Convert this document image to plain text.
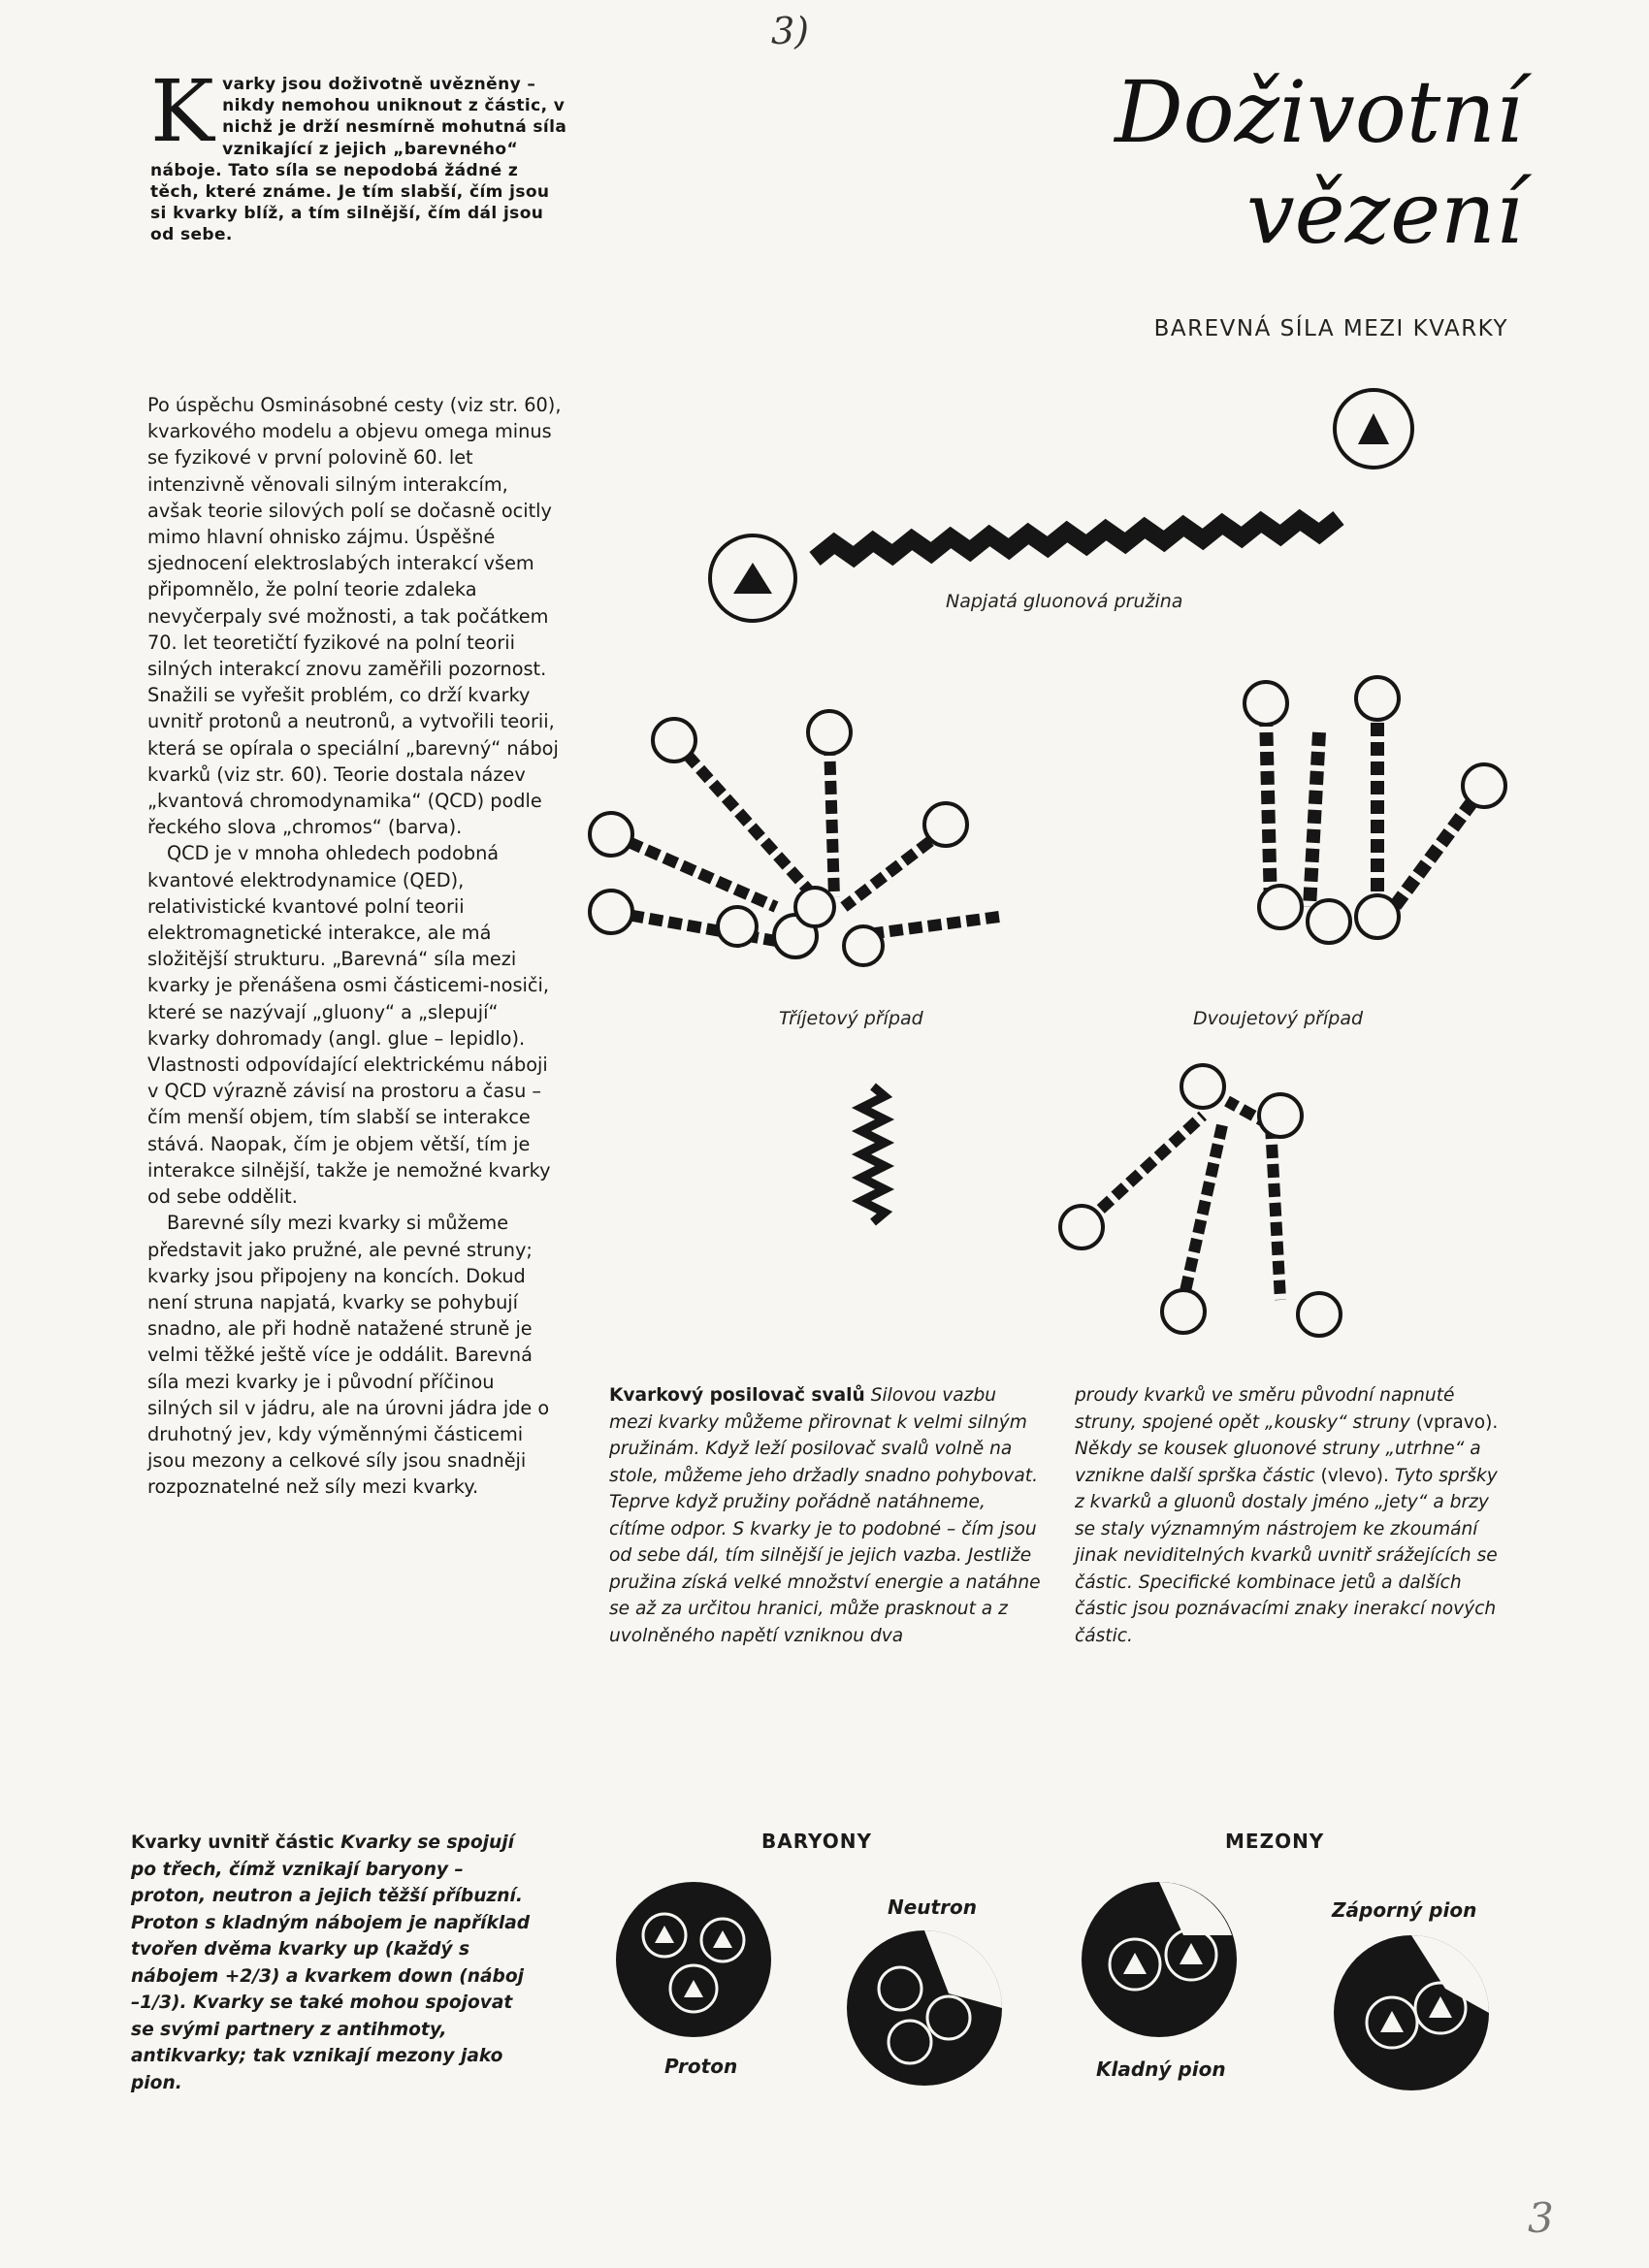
3)
Kvarky jsou doživotně uvězněny – nikdy nemohou uniknout z částic, v nichž je drží nesmírně mohutná síla vznikající z jejich „barevného“ náboje. Tato síla se nepodobá žádné z těch, které známe. Je tím slabší, čím jsou si kvarky blíž, a tím silnější, čím dál jsou od sebe.
Doživotní
vězení
BAREVNÁ SÍLA MEZI KVARKY

Po úspěchu Osminásobné cesty (viz str. 60), kvarkového modelu a objevu omega minus se fyzikové v první polovině 60. let intenzivně věnovali silným interakcím, avšak teorie silových polí se dočasně ocitly mimo hlavní ohnisko zájmu. Úspěšné sjednocení elektroslabých interakcí všem připomnělo, že polní teorie zdaleka nevyčerpaly své možnosti, a tak počátkem 70. let teoretičtí fyzikové na polní teorii silných interakcí znovu zaměřili pozornost. Snažili se vyřešit problém, co drží kvarky uvnitř protonů a neutronů, a vytvořili teorii, která se opírala o speciální „barevný“ náboj kvarků (viz str. 60). Teorie dostala název „kvantová chromodynamika“ (QCD) podle řeckého slova „chromos“ (barva).

QCD je v mnoha ohledech podobná kvantové elektrodynamice (QED), relativistické kvantové polní teorii elektromagnetické interakce, ale má složitější strukturu. „Barevná“ síla mezi kvarky je přenášena osmi částicemi-nosiči, které se nazývají „gluony“ a „slepují“ kvarky dohromady (angl. glue – lepidlo). Vlastnosti odpovídající elektrickému náboji v QCD výrazně závisí na prostoru a času – čím menší objem, tím slabší se interakce stává. Naopak, čím je objem větší, tím je interakce silnější, takže je nemožné kvarky od sebe oddělit.

Barevné síly mezi kvarky si můžeme představit jako pružné, ale pevné struny; kvarky jsou připojeny na koncích. Dokud není struna napjatá, kvarky se pohybují snadno, ale při hodně natažené struně je velmi těžké ještě více je oddálit. Barevná síla mezi kvarky je i původní příčinou silných sil v jádru, ale na úrovni jádra jde o druhotný jev, kdy výměnnými částicemi jsou mezony a celkové síly jsou snadněji rozpoznatelné než síly mezi kvarky.

Napjatá gluonová pružina
Tříjetový případ	Dvoujetový případ
Kvarkový posilovač svalů Silovou vazbu mezi kvarky můžeme přirovnat k velmi silným pružinám. Když leží posilovač svalů volně na stole, můžeme jeho držadly snadno pohybovat. Teprve když pružiny pořádně natáhneme, cítíme odpor. S kvarky je to podobné – čím jsou od sebe dál, tím silnější je jejich vazba. Jestliže pružina získá velké množství energie a natáhne se až za určitou hranici, může prasknout a z uvolněného napětí vzniknou dva
proudy kvarků ve směru původní napnuté struny, spojené opět „kousky“ struny (vpravo). Někdy se kousek gluonové struny „utrhne“ a vznikne další sprška částic (vlevo). Tyto spršky z kvarků a gluonů dostaly jméno „jety“ a brzy se staly významným nástrojem ke zkoumání jinak neviditelných kvarků uvnitř srážejících se částic. Specifické kombinace jetů a dalších částic jsou poznávacími znaky inerakcí nových částic.
Kvarky uvnitř částic Kvarky se spojují po třech, čímž vznikají baryony – proton, neutron a jejich těžší příbuzní. Proton s kladným nábojem je například tvořen dvěma kvarky up (každý s nábojem +2/3) a kvarkem down (náboj –1/3). Kvarky se také mohou spojovat se svými partnery z antihmoty, antikvarky; tak vznikají mezony jako pion.
BARYONY	MEZONY
Neutron
Proton
Záporný pion
Kladný pion
3
